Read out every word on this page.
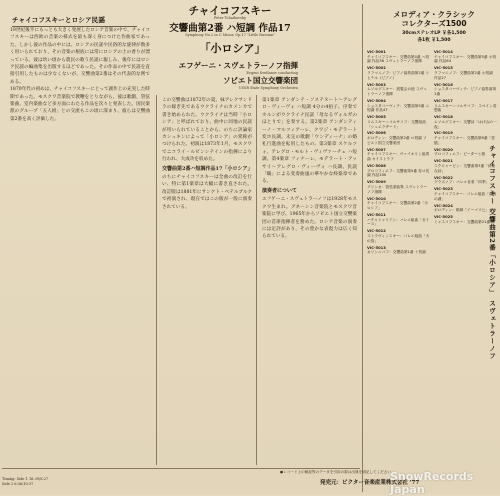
チャイコフスキーとロシア民謡
チャイコフスキー
Peter Tchaikovsky
交響曲第2番 ハ短調 作品17
Symphony No.2 in C Minor, Op.17 "Little Russian"
「小ロシア」
エフゲーニ・スヴェトラーノフ指揮
Evgeni Svetlanov conducting
ソビエト国立交響楽団
USSR State Symphony Orchestra
19世紀後半にもっとも大きく発展したロシア音楽の中で、チャイコフスキーは西欧の音楽の様式を最も深く身につけた作曲家であった。しかし彼の作品の中には、ロシアの民謡や民俗的な旋律が数多く用いられており、その音楽の根底には常にロシアの土の香りが漂っている。彼は幼い頃から農民の歌う民謡に親しみ、後年にはロシア民謡の編曲集を出版するほどであった。その作品の中で民謡を直接引用したものは少なくないが、交響曲第2番はその代表的な例である。
1870年代の初めは、チャイコフスキーにとって創作上の充実した時期であった。モスクワ音楽院で教鞭をとりながら、彼は歌劇、管弦楽曲、室内楽曲など多方面にわたる作品を次々と発表した。国民楽派のグループ「五人組」との交流もこの頃に深まり、彼らは交響曲第2番を高く評価した。
この交響曲は1872年の夏、妹アレクサンドラの嫁ぎ先であるウクライナのカメンカで書き始められた。ウクライナは当時「小ロシア」と呼ばれており、曲中に同地の民謡が用いられていることから、のちに評論家カシュキンによって「小ロシア」の愛称がつけられた。初演は1873年1月、モスクワでニコライ・ルビンシテインの指揮により行われ、大成功を収めた。
交響曲第2番ハ短調作品17「小ロシア」
のちにチャイコフスキーは全曲の改訂を行い、特に第1楽章は大幅に書き直された。改訂版は1881年にサンクト・ペテルブルクで初演され、現在ではこの版が一般に演奏されている。
第1楽章 アンダンテ・ソステヌート〜アレグロ・ヴィーヴォ ハ短調 4分の4拍子。序奏でホルンがウクライナ民謡「母なるヴォルガのほとりで」を奏する。第2楽章 アンダンティーノ・マルツィアーレ、クワジ・モデラート 変ホ長調。未完の歌劇「ウンディーナ」の婚礼行進曲を転用したもの。第3楽章 スケルツォ、アレグロ・モルト・ヴィヴァーチェ ハ短調。第4楽章 フィナーレ、モデラート・アッサイ〜アレグロ・ヴィーヴォ ハ長調。民謡「鶴」による変奏曲風の華やかな終楽章である。
演奏者について
エフゲーニ・スヴェトラーノフは1928年モスクワ生まれ。グネーシン音楽院とモスクワ音楽院に学び、1965年からソビエト国立交響楽団の首席指揮者を務めた。ロシア音楽の演奏には定評があり、その豊かな表現力は広く知られている。
Timing: Side 1 16:39/8:27
Side 2 6:36/10:37
●レコード上の解説等のデータを引用の際は出典を明記してください。
発売元：ビクター音楽産業株式会社 '77
メロディア・クラシック
コレクターズ1500
30cmステレオLP ￥各1,500
各1枚 ￥1,500
VIC-5001
チャイコフスキー：交響曲第4番 ヘ短調 作品36 スヴェトラーノフ指揮
VIC-5002
ラフマニノフ：ピアノ協奏曲第2番 リヒテル（ピアノ）
VIC-5003
ムソルグスキー：展覧会の絵 スヴェトラーノフ指揮
VIC-5004
ショスタコーヴィチ：交響曲第5番 ニ短調 作品47
VIC-5005
リムスキー＝コルサコフ：交響組曲「シェエラザード」
VIC-5006
ボロディン：交響曲第2番 ロ短調 ソビエト国立交響楽団
VIC-5007
チャイコフスキー：ヴァイオリン協奏曲 オイストラフ
VIC-5008
プロコフィエフ：交響曲第5番 変ロ長調 作品100
VIC-5009
グリンカ：管弦楽曲集 スヴェトラーノフ指揮
VIC-5010
チャイコフスキー：交響曲第2番「小ロシア」
VIC-5011
ハチャトゥリアン：バレエ組曲「ガイーヌ」
VIC-5012
ストラヴィンスキー：バレエ組曲「火の鳥」
VIC-5013
カリンニコフ：交響曲第1番 ト短調
VIC-5014
チャイコフスキー：交響曲第5番 ホ短調 作品64
VIC-5015
ラフマニノフ：交響曲第2番 ホ短調 作品27
VIC-5016
ショスタコーヴィチ：ピアノ協奏曲第1番
VIC-5017
リムスキー＝コルサコフ：スペイン奇想曲
VIC-5018
ムソルグスキー：交響詩「はげ山の一夜」
VIC-5019
チャイコフスキー：交響曲第6番「悲愴」
VIC-5020
プロコフィエフ：ピーターと狼
VIC-5021
スクリャービン：交響曲第3番「神聖な詩」
VIC-5022
グラズノフ：バレエ音楽「四季」
VIC-5023
チャイコフスキー：バレエ組曲「白鳥の湖」
VIC-5024
ボロディン：歌劇「イーゴリ公」より
VIC-5025
ミャスコフスキー：交響曲第21番
チャイコフスキー 交響曲第2番「小ロシア」 スヴェトラーノフ
SnowRecords Japan
